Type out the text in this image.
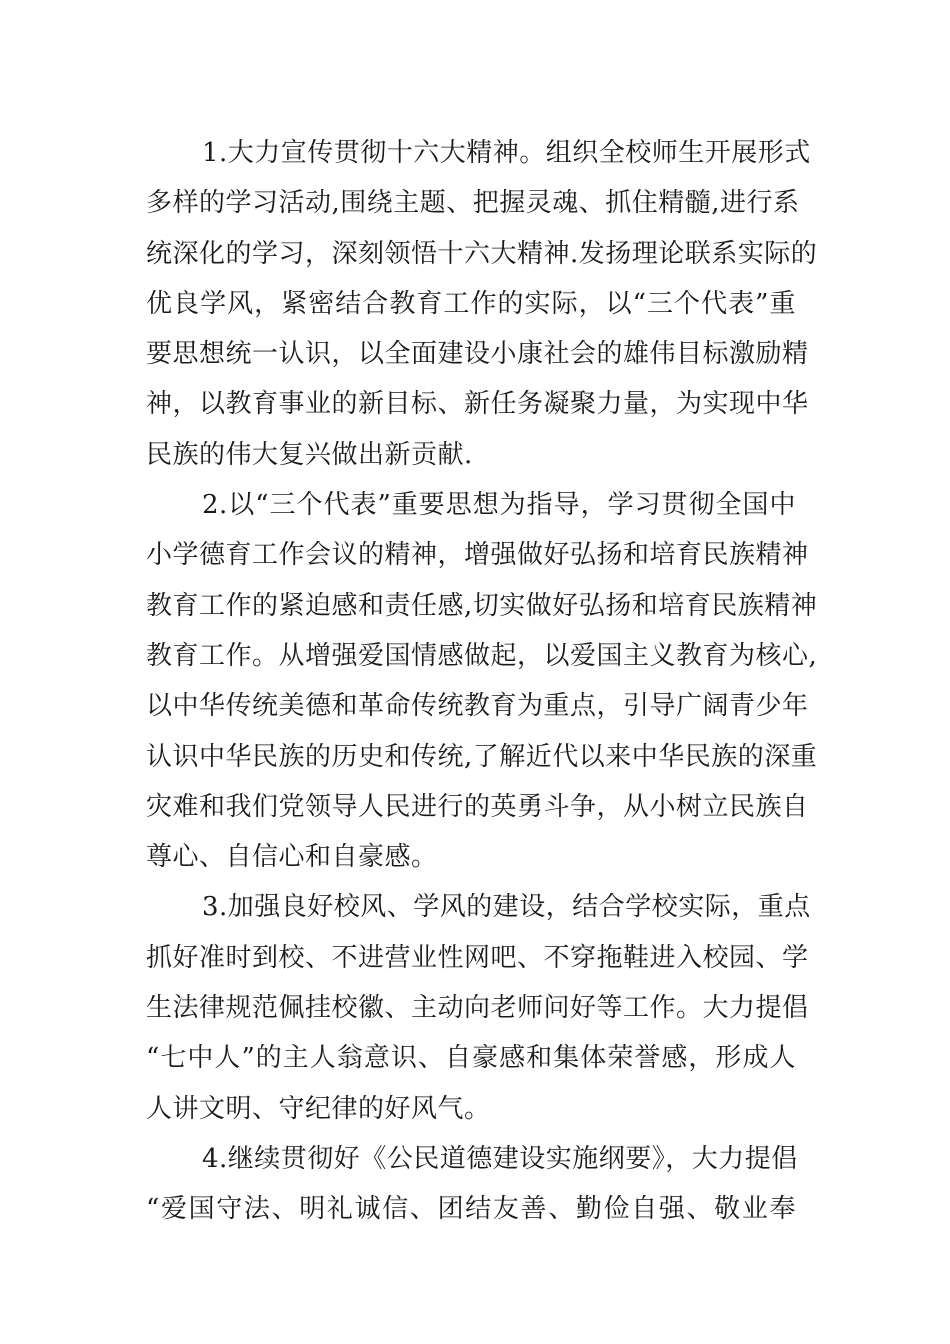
1.大力宣传贯彻十六大精神。组织全校师生开展形式
多样的学习活动,围绕主题、把握灵魂、抓住精髓,进行系
统深化的学习，深刻领悟十六大精神.发扬理论联系实际的
优良学风，紧密结合教育工作的实际，以“三个代表”重
要思想统一认识，以全面建设小康社会的雄伟目标激励精
神，以教育事业的新目标、新任务凝聚力量，为实现中华
民族的伟大复兴做出新贡献.
2.以“三个代表”重要思想为指导，学习贯彻全国中
小学德育工作会议的精神，增强做好弘扬和培育民族精神
教育工作的紧迫感和责任感,切实做好弘扬和培育民族精神
教育工作。从增强爱国情感做起，以爱国主义教育为核心,
以中华传统美德和革命传统教育为重点，引导广阔青少年
认识中华民族的历史和传统,了解近代以来中华民族的深重
灾难和我们党领导人民进行的英勇斗争，从小树立民族自
尊心、自信心和自豪感。
3.加强良好校风、学风的建设，结合学校实际，重点
抓好准时到校、不进营业性网吧、不穿拖鞋进入校园、学
生法律规范佩挂校徽、主动向老师问好等工作。大力提倡
“七中人”的主人翁意识、自豪感和集体荣誉感，形成人
人讲文明、守纪律的好风气。
4.继续贯彻好《公民道德建设实施纲要》，大力提倡
“爱国守法、明礼诚信、团结友善、勤俭自强、敬业奉
